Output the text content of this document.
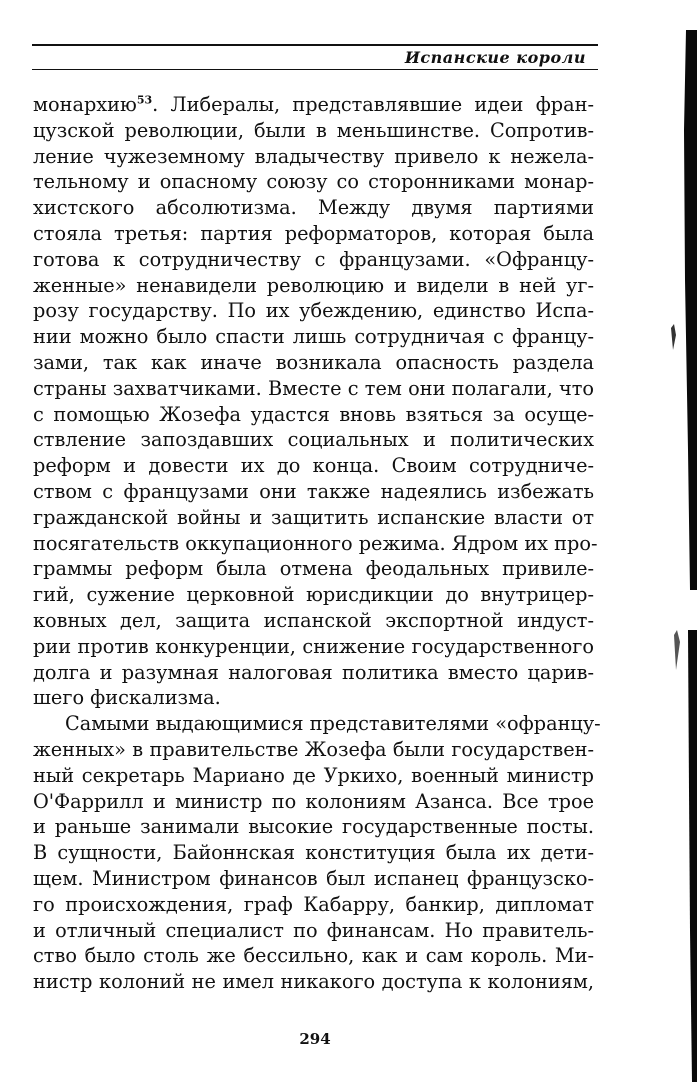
Испанские короли
монархию$^{53}$. Либералы, представлявшие идеи фран-
цузской революции, были в меньшинстве. Сопротив-
ление чужеземному владычеству привело к нежела-
тельному и опасному союзу со сторонниками монар-
хистского абсолютизма. Между двумя партиями
стояла третья: партия реформаторов, которая была
готова к сотрудничеству с французами. «Офранцу-
женные» ненавидели революцию и видели в ней уг-
розу государству. По их убеждению, единство Испа-
нии можно было спасти лишь сотрудничая с францу-
зами, так как иначе возникала опасность раздела
страны захватчиками. Вместе с тем они полагали, что
с помощью Жозефа удастся вновь взяться за осуще-
ствление запоздавших социальных и политических
реформ и довести их до конца. Своим сотрудниче-
ством с французами они также надеялись избежать
гражданской войны и защитить испанские власти от
посягательств оккупационного режима. Ядром их про-
граммы реформ была отмена феодальных привиле-
гий, сужение церковной юрисдикции до внутрицер-
ковных дел, защита испанской экспортной индуст-
рии против конкуренции, снижение государственного
долга и разумная налоговая политика вместо царив-
шего фискализма.
Самыми выдающимися представителями «офранцу-
женных» в правительстве Жозефа были государствен-
ный секретарь Мариано де Уркихо, военный министр
О'Фаррилл и министр по колониям Азанса. Все трое
и раньше занимали высокие государственные посты.
В сущности, Байоннская конституция была их дети-
щем. Министром финансов был испанец французско-
го происхождения, граф Кабарру, банкир, дипломат
и отличный специалист по финансам. Но правитель-
ство было столь же бессильно, как и сам король. Ми-
нистр колоний не имел никакого доступа к колониям,
294
